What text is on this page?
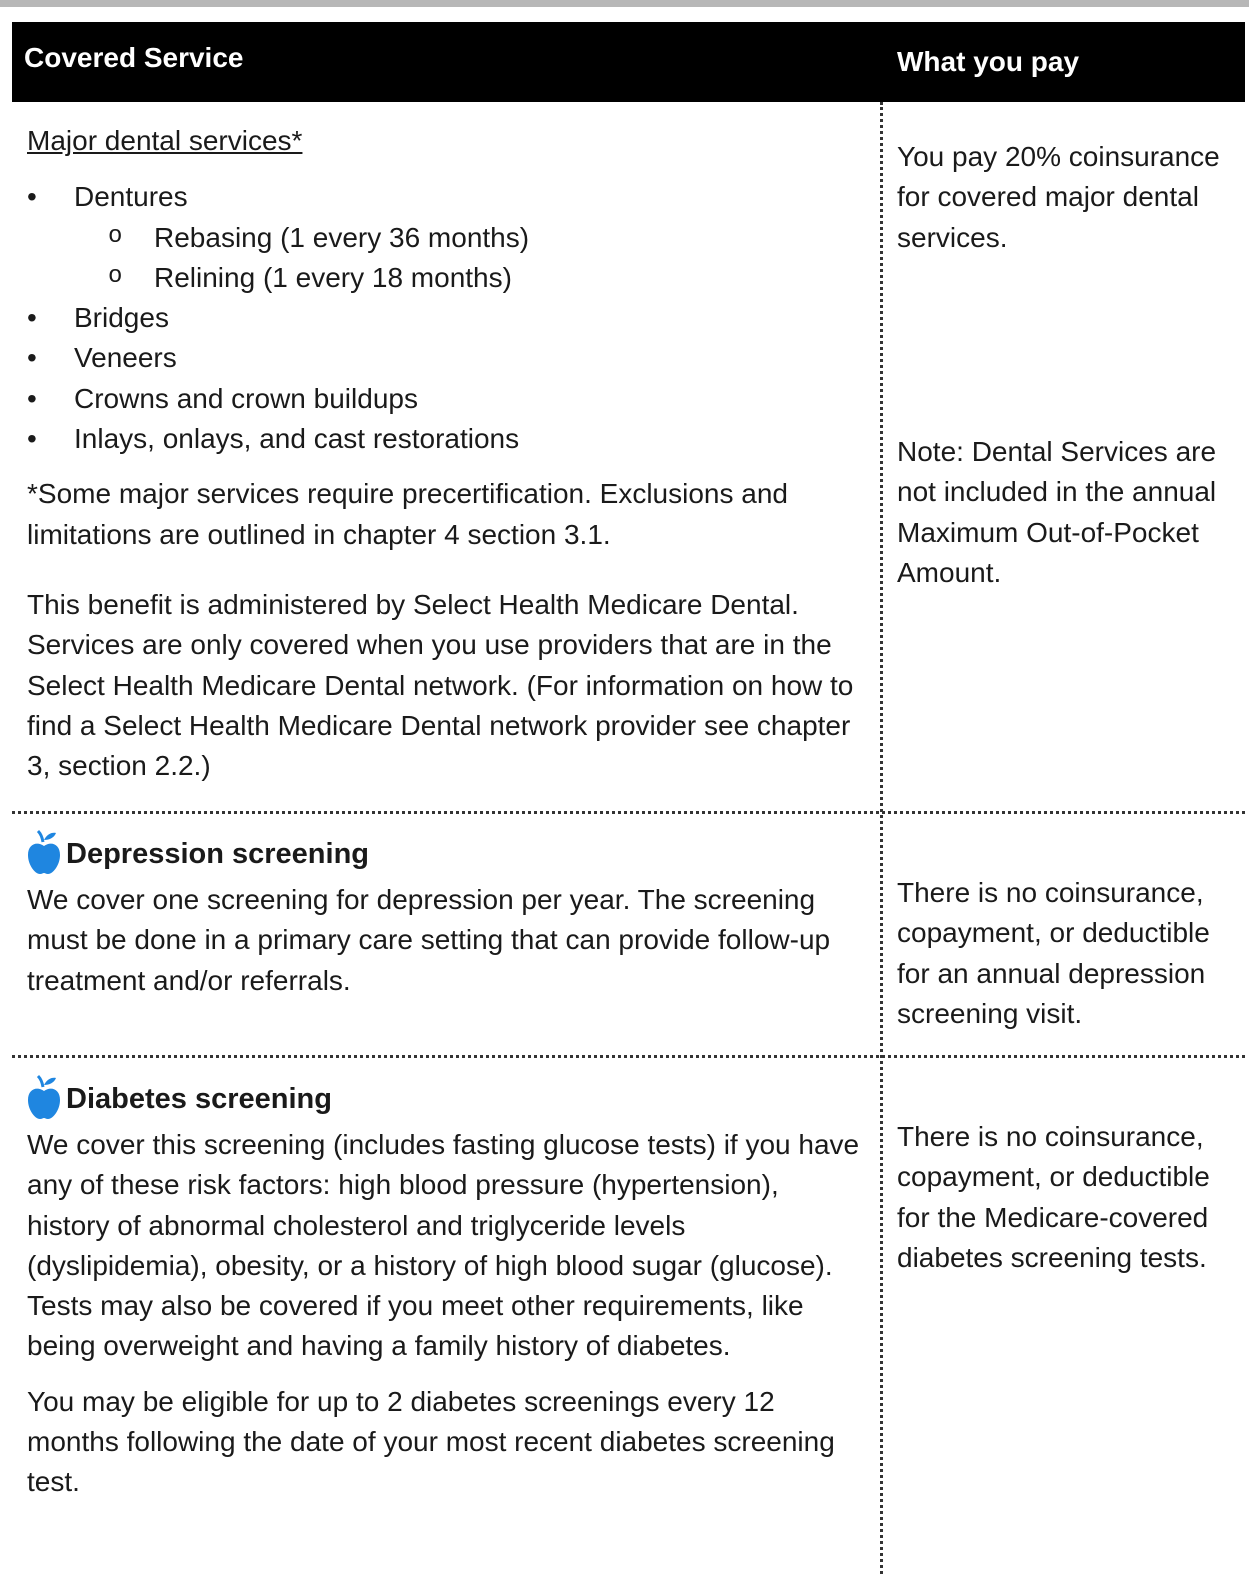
Covered Service	What you pay

Major dental services*

• Dentures
o Rebasing (1 every 36 months)
o Relining (1 every 18 months)
• Bridges
• Veneers
• Crowns and crown buildups
• Inlays, onlays, and cast restorations

*Some major services require precertification. Exclusions and limitations are outlined in chapter 4 section 3.1.

This benefit is administered by Select Health Medicare Dental. Services are only covered when you use providers that are in the Select Health Medicare Dental network. (For information on how to find a Select Health Medicare Dental network provider see chapter 3, section 2.2.)

You pay 20% coinsurance for covered major dental services.

Note: Dental Services are not included in the annual Maximum Out-of-Pocket Amount.

Depression screening

We cover one screening for depression per year. The screening must be done in a primary care setting that can provide follow-up treatment and/or referrals.

There is no coinsurance, copayment, or deductible for an annual depression screening visit.

Diabetes screening

We cover this screening (includes fasting glucose tests) if you have any of these risk factors: high blood pressure (hypertension), history of abnormal cholesterol and triglyceride levels (dyslipidemia), obesity, or a history of high blood sugar (glucose). Tests may also be covered if you meet other requirements, like being overweight and having a family history of diabetes.

You may be eligible for up to 2 diabetes screenings every 12 months following the date of your most recent diabetes screening test.

There is no coinsurance, copayment, or deductible for the Medicare-covered diabetes screening tests.
